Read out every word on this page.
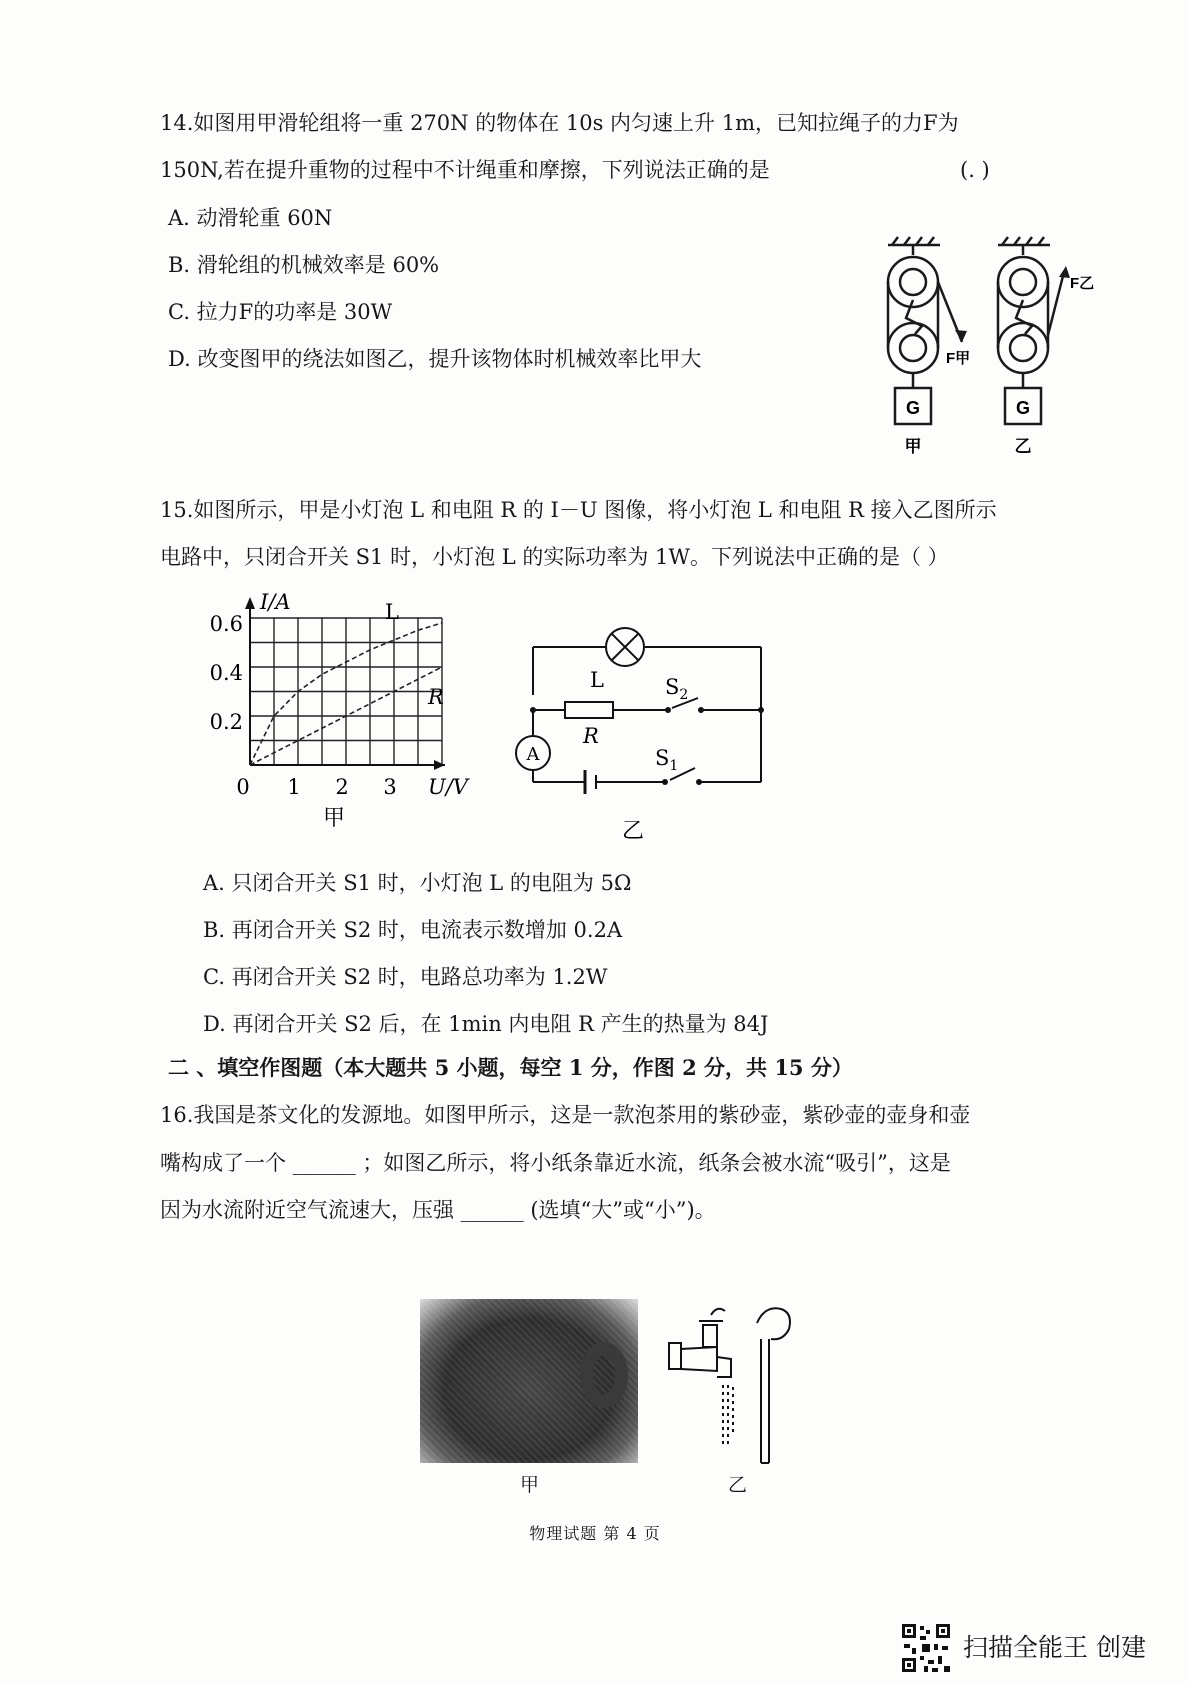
14.如图用甲滑轮组将一重 270N 的物体在 10s 内匀速上升 1m，已知拉绳子的力F为
150N,若在提升重物的过程中不计绳重和摩擦，下列说法正确的是	(. )
A. 动滑轮重 60N
B. 滑轮组的机械效率是 60%
C. 拉力F的功率是 30W
D. 改变图甲的绕法如图乙，提升该物体时机械效率比甲大
G	G
F甲
F乙
甲	乙
15.如图所示，甲是小灯泡 L 和电阻 R 的 I－U 图像，将小灯泡 L 和电阻 R 接入乙图所示
电路中，只闭合开关 S1 时，小灯泡 L 的实际功率为 1W。下列说法中正确的是（ ）
I/A
U/V
0.6
0.4
0.2
0 1 2 3
L
R
甲
L
R
$S_2$
$S_1$
A
乙
A. 只闭合开关 S1 时，小灯泡 L 的电阻为 5Ω
B. 再闭合开关 S2 时，电流表示数增加 0.2A
C. 再闭合开关 S2 时，电路总功率为 1.2W
D. 再闭合开关 S2 后，在 1min 内电阻 R 产生的热量为 84J
二 、填空作图题（本大题共 5 小题，每空 1 分，作图 2 分，共 15 分）
16.我国是茶文化的发源地。如图甲所示，这是一款泡茶用的紫砂壶，紫砂壶的壶身和壶
嘴构成了一个 ______ ；如图乙所示，将小纸条靠近水流，纸条会被水流“吸引”，这是
因为水流附近空气流速大，压强 ______ (选填“大”或“小”)。
甲	乙
物理试题 第 4 页
扫描全能王 创建
